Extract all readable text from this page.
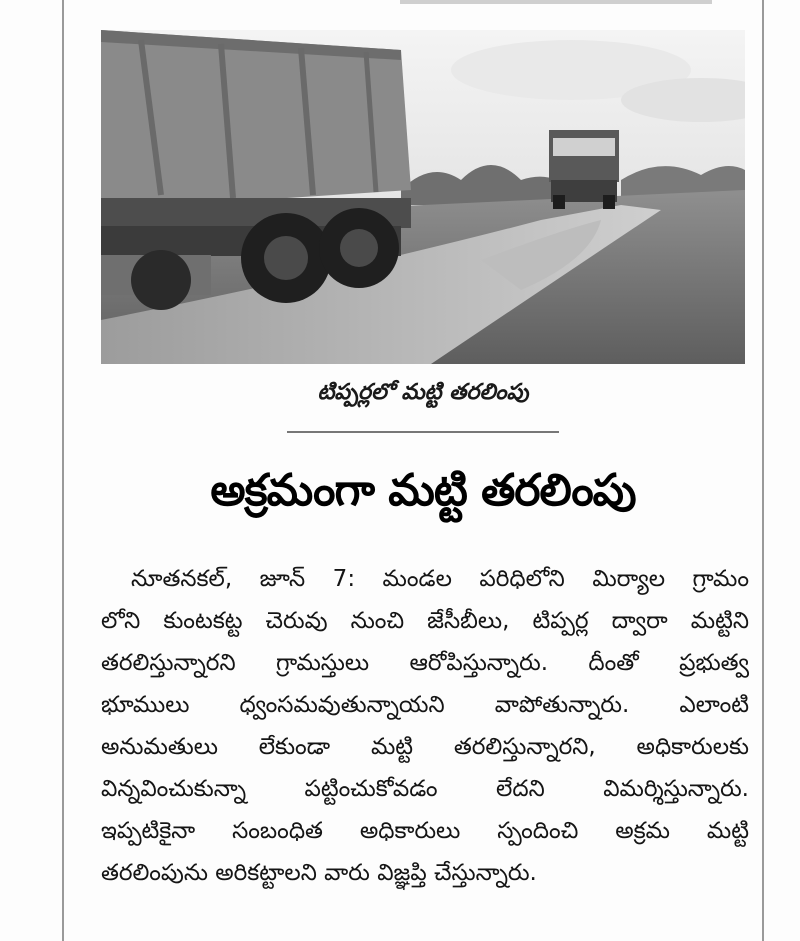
టిప్పర్లలో మట్టి తరలింపు
అక్రమంగా మట్టి తరలింపు
నూతనకల్, జూన్ 7: మండల పరిధిలోని మిర్యాల గ్రామం
లోని కుంటకట్ట చెరువు నుంచి జేసీబీలు, టిప్పర్ల ద్వారా మట్టిని
తరలిస్తున్నారని గ్రామస్తులు ఆరోపిస్తున్నారు. దీంతో ప్రభుత్వ
భూములు ధ్వంసమవుతున్నాయని వాపోతున్నారు. ఎలాంటి
అనుమతులు లేకుండా మట్టి తరలిస్తున్నారని, అధికారులకు
విన్నవించుకున్నా పట్టించుకోవడం లేదని విమర్శిస్తున్నారు.
ఇప్పటికైనా సంబంధిత అధికారులు స్పందించి అక్రమ మట్టి
తరలింపును అరికట్టాలని వారు విజ్ఞప్తి చేస్తున్నారు.
